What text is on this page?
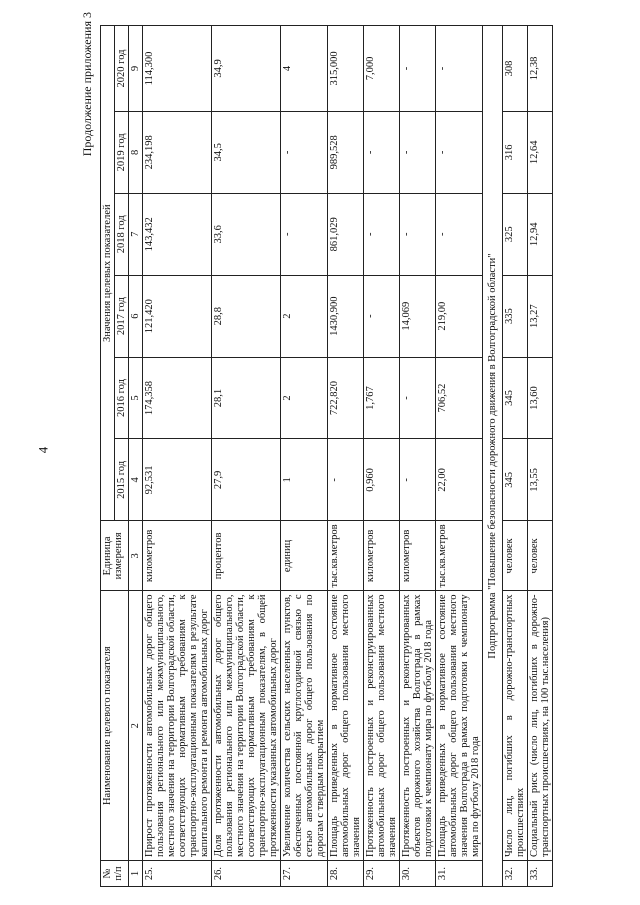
4
Продолжение приложения 3
№ п/п	Наименование целевого показателя	Единица измерения	Значения целевых показателей					
			2015 год	2016 год	2017 год	2018 год	2019 год	2020 год
1	2	3	4	5	6	7	8	9
25.	Прирост протяженности автомобильных дорог общего пользования регионального или межмуниципального, местного значения на территории Волгоградской области, соответствующих нормативным требованиям к транспортно-эксплуатационным показателям в результате капитального ремонта и ремонта автомобильных дорог	километров	92,531	174,358	121,420	143,432	234,198	114,300
26.	Доля протяженности автомобильных дорог общего пользования регионального или межмуниципального, местного значения на территории Волгоградской области, соответствующих нормативным требованиям к транспортно-эксплуатационным показателям, в общей протяженности указанных автомобильных дорог	процентов	27,9	28,1	28,8	33,6	34,5	34,9
27.	Увеличение количества сельских населенных пунктов, обеспеченных постоянной круглогодичной связью с сетью автомобильных дорог общего пользования по дорогам с твердым покрытием	единиц	1	2	2	-	-	4
28.	Площадь приведенных в нормативное состояние автомобильных дорог общего пользования местного значения	тыс.кв.метров	-	722,820	1430,900	861,029	989,528	315,000
29.	Протяженность построенных и реконструированных автомобильных дорог общего пользования местного значения	километров	0,960	1,767	-	-	-	7,000
30.	Протяженность построенных и реконструированных объектов дорожного хозяйства Волгограда в рамках подготовки к чемпионату мира по футболу 2018 года	километров	-	-	14,069	-	-	-
31.	Площадь приведенных в нормативное состояние автомобильных дорог общего пользования местного значения Волгограда в рамках подготовки к чемпионату мира по футболу 2018 года	тыс.кв.метров	22,00	706,52	219,00	-	-	-
Подпрограмма "Повышение безопасности дорожного движения в Волгоградской области"								
32.	Число лиц, погибших в дорожно-транспортных происшествиях	человек	345	345	335	325	316	308
33.	Социальный риск (число лиц, погибших в дорожно-транспортных происшествиях, на 100 тыс.населения)	человек	13,55	13,60	13,27	12,94	12,64	12,38
